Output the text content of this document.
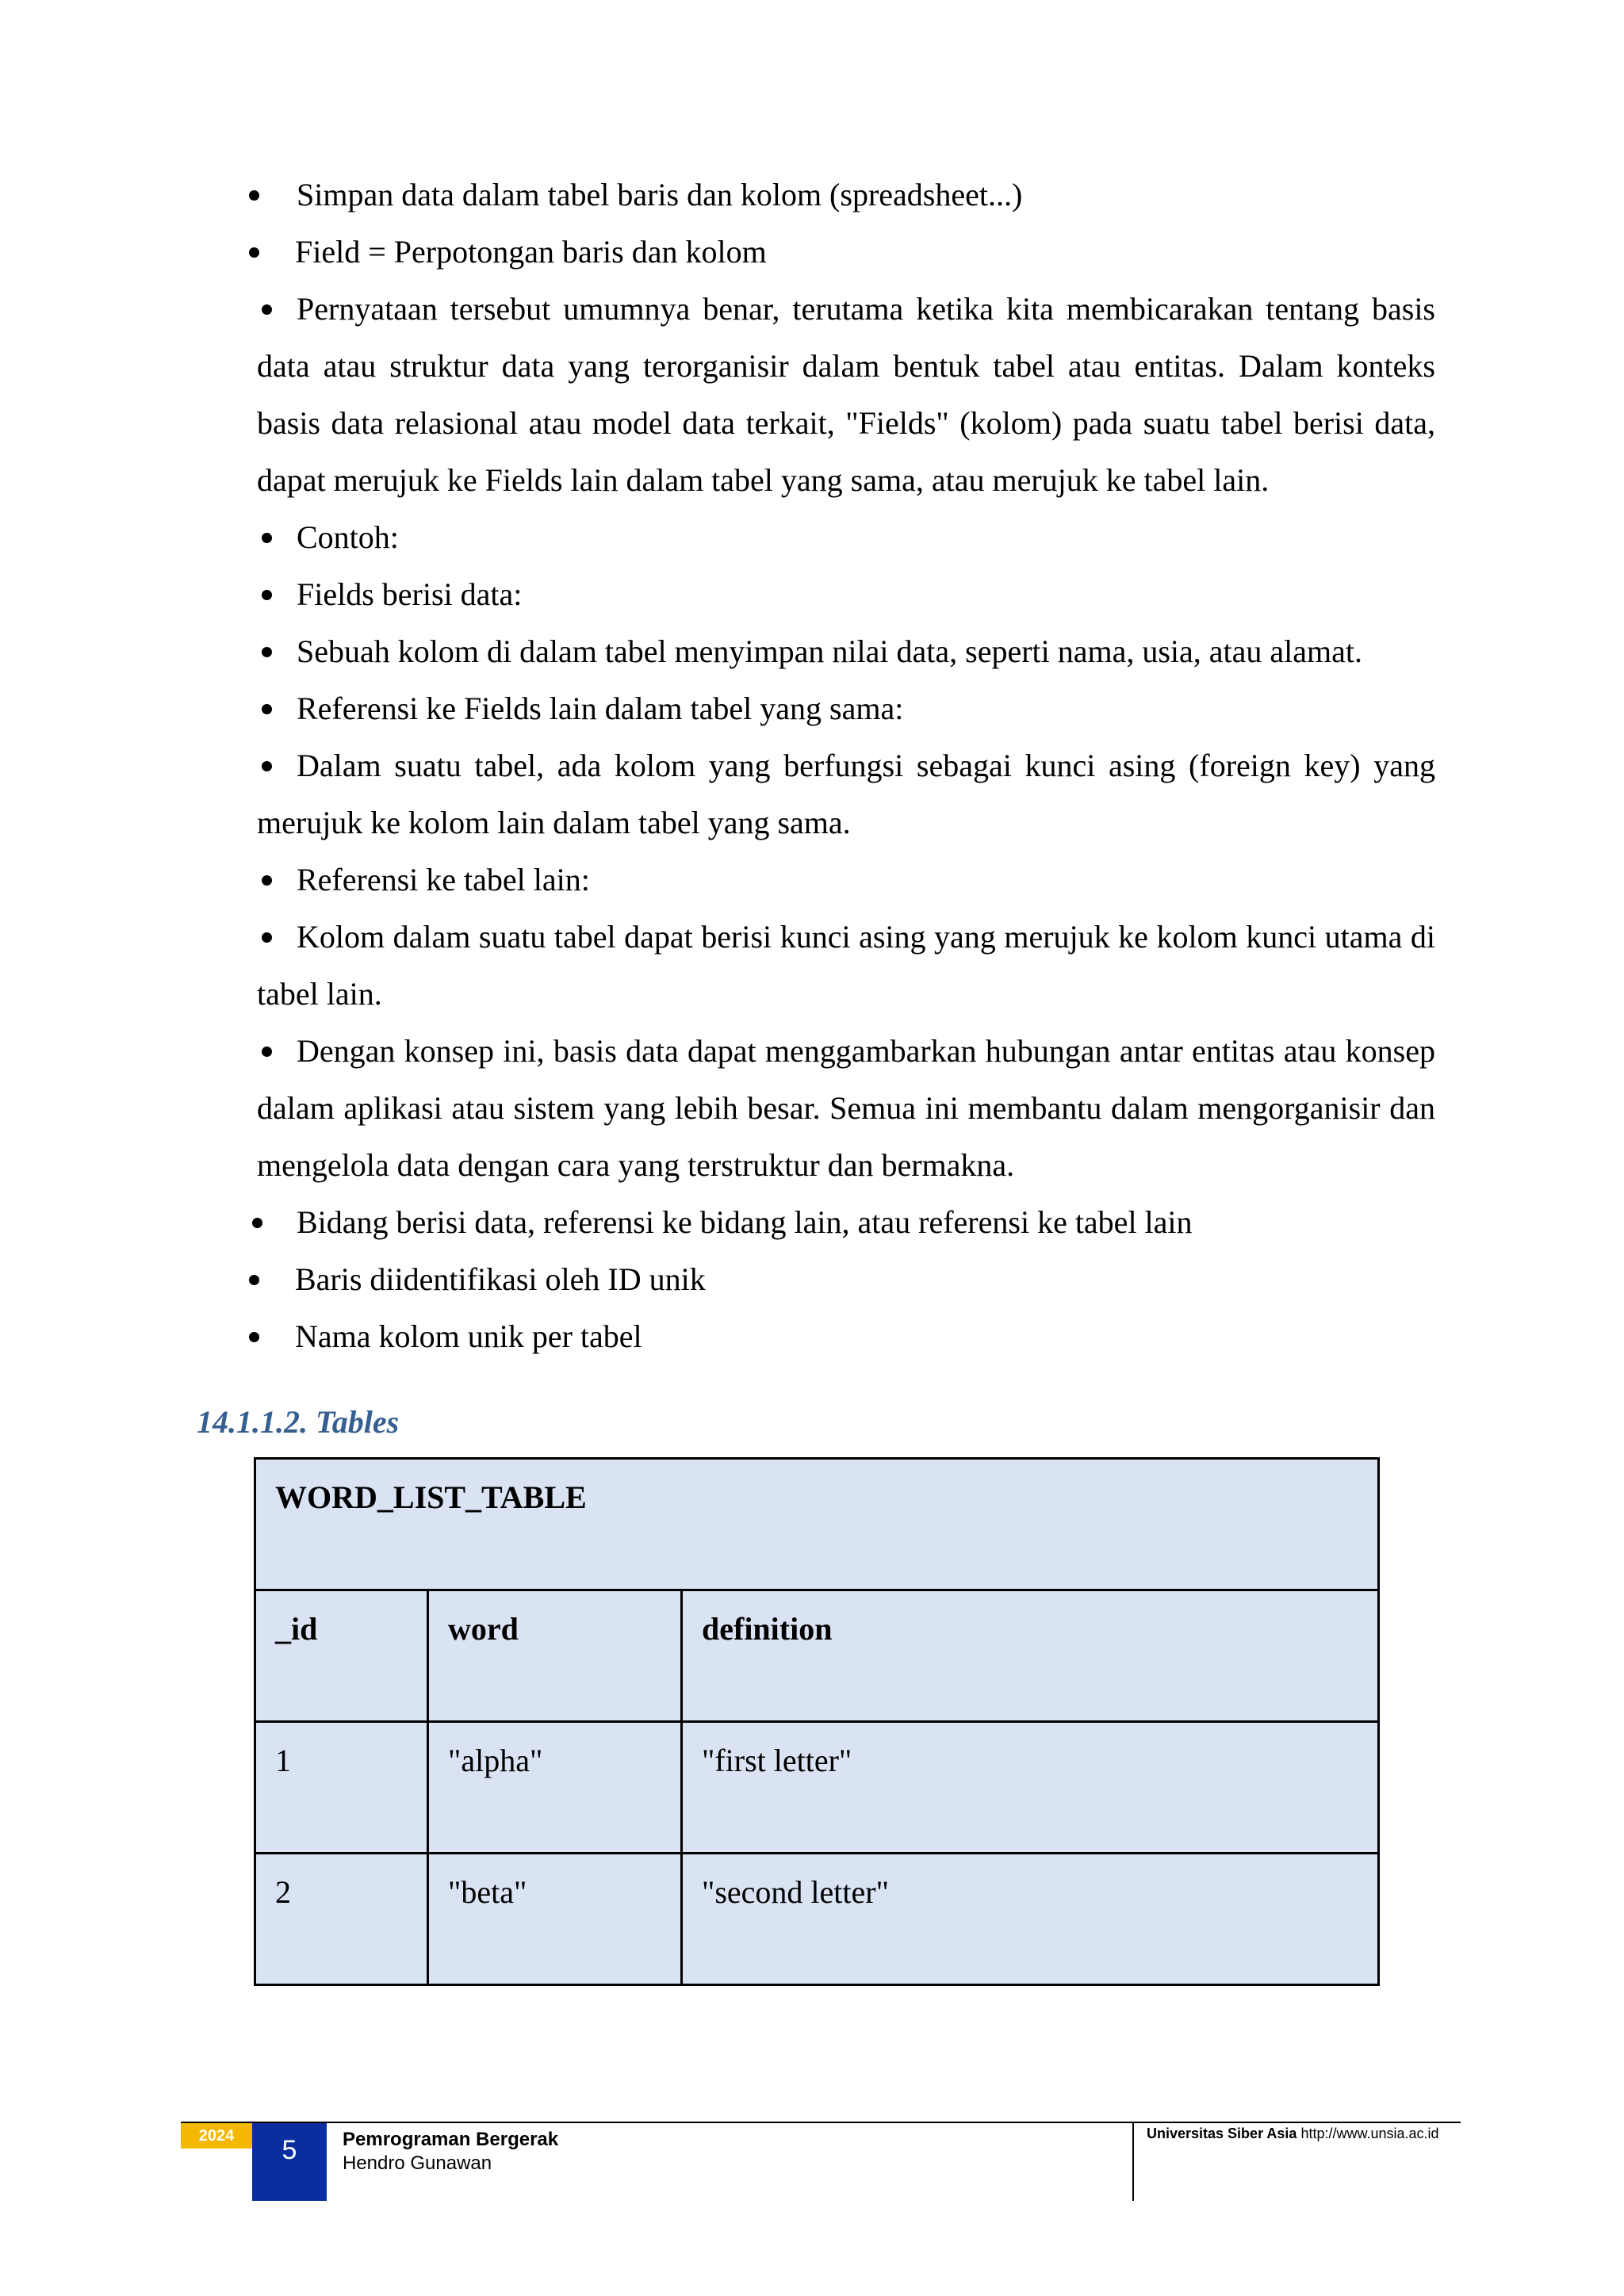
Simpan data dalam tabel baris dan kolom (spreadsheet...)
Field = Perpotongan baris dan kolom
Pernyataan tersebut umumnya benar, terutama ketika kita membicarakan tentang basis data atau struktur data yang terorganisir dalam bentuk tabel atau entitas. Dalam konteks basis data relasional atau model data terkait, "Fields" (kolom) pada suatu tabel berisi data, dapat merujuk ke Fields lain dalam tabel yang sama, atau merujuk ke tabel lain.
Contoh:
Fields berisi data:
Sebuah kolom di dalam tabel menyimpan nilai data, seperti nama, usia, atau alamat.
Referensi ke Fields lain dalam tabel yang sama:
Dalam suatu tabel, ada kolom yang berfungsi sebagai kunci asing (foreign key) yang merujuk ke kolom lain dalam tabel yang sama.
Referensi ke tabel lain:
Kolom dalam suatu tabel dapat berisi kunci asing yang merujuk ke kolom kunci utama di tabel lain.
Dengan konsep ini, basis data dapat menggambarkan hubungan antar entitas atau konsep dalam aplikasi atau sistem yang lebih besar. Semua ini membantu dalam mengorganisir dan mengelola data dengan cara yang terstruktur dan bermakna.
Bidang berisi data, referensi ke bidang lain, atau referensi ke tabel lain
Baris diidentifikasi oleh ID unik
Nama kolom unik per tabel
14.1.1.2. Tables
WORD_LIST_TABLE		
_id	word	definition
1	"alpha"	"first letter"
2	"beta"	"second letter"
2024	5	Pemrograman Bergerak
Hendro Gunawan
Universitas Siber Asia http://www.unsia.ac.id
